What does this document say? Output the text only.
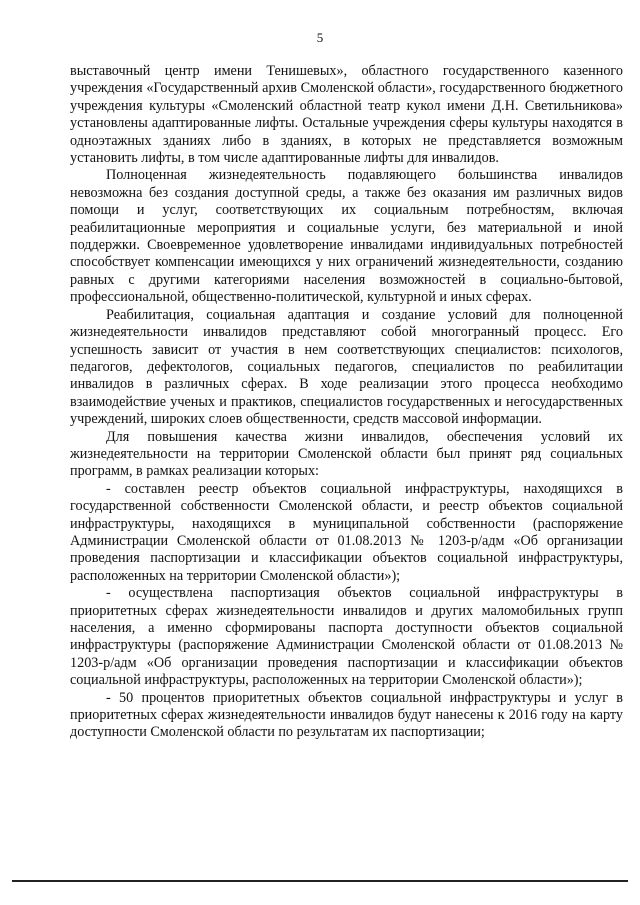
5

выставочный центр имени Тенишевых», областного государственного казенного учреждения «Государственный архив Смоленской области», государственного бюджетного учреждения культуры «Смоленский областной театр кукол имени Д.Н. Светильникова» установлены адаптированные лифты. Остальные учреждения сферы культуры находятся в одноэтажных зданиях либо в зданиях, в которых не представляется возможным установить лифты, в том числе адаптированные лифты для инвалидов.

Полноценная жизнедеятельность подавляющего большинства инвалидов невозможна без создания доступной среды, а также без оказания им различных видов помощи и услуг, соответствующих их социальным потребностям, включая реабилитационные мероприятия и социальные услуги, без материальной и иной поддержки. Своевременное удовлетворение инвалидами индивидуальных потребностей способствует компенсации имеющихся у них ограничений жизнедеятельности, созданию равных с другими категориями населения возможностей в социально-бытовой, профессиональной, общественно-политической, культурной и иных сферах.

Реабилитация, социальная адаптация и создание условий для полноценной жизнедеятельности инвалидов представляют собой многогранный процесс. Его успешность зависит от участия в нем соответствующих специалистов: психологов, педагогов, дефектологов, социальных педагогов, специалистов по реабилитации инвалидов в различных сферах. В ходе реализации этого процесса необходимо взаимодействие ученых и практиков, специалистов государственных и негосударственных учреждений, широких слоев общественности, средств массовой информации.

Для повышения качества жизни инвалидов, обеспечения условий их жизнедеятельности на территории Смоленской области был принят ряд социальных программ, в рамках реализации которых:

- составлен реестр объектов социальной инфраструктуры, находящихся в государственной собственности Смоленской области, и реестр объектов социальной инфраструктуры, находящихся в муниципальной собственности (распоряжение Администрации Смоленской области от 01.08.2013 № 1203-р/адм «Об организации проведения паспортизации и классификации объектов социальной инфраструктуры, расположенных на территории Смоленской области»);

- осуществлена паспортизация объектов социальной инфраструктуры в приоритетных сферах жизнедеятельности инвалидов и других маломобильных групп населения, а именно сформированы паспорта доступности объектов социальной инфраструктуры (распоряжение Администрации Смоленской области от 01.08.2013 № 1203-р/адм «Об организации проведения паспортизации и классификации объектов социальной инфраструктуры, расположенных на территории Смоленской области»);

- 50 процентов приоритетных объектов социальной инфраструктуры и услуг в приоритетных сферах жизнедеятельности инвалидов будут нанесены к 2016 году на карту доступности Смоленской области по результатам их паспортизации;
